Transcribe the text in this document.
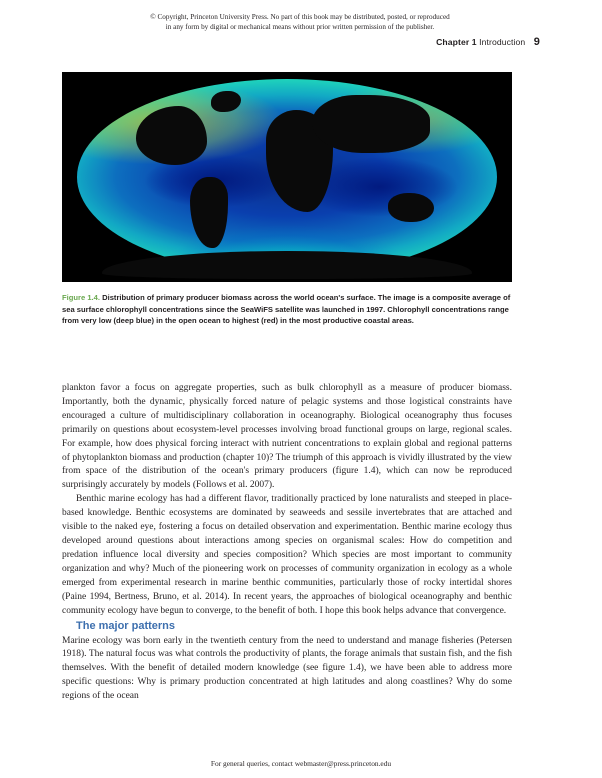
© Copyright, Princeton University Press. No part of this book may be distributed, posted, or reproduced in any form by digital or mechanical means without prior written permission of the publisher.
Chapter 1 Introduction 9
Figure 1.4. Distribution of primary producer biomass across the world ocean's surface. The image is a composite average of sea surface chlorophyll concentrations since the SeaWiFS satellite was launched in 1997. Chlorophyll concentrations range from very low (deep blue) in the open ocean to highest (red) in the most productive coastal areas.

plankton favor a focus on aggregate properties, such as bulk chlorophyll as a measure of producer biomass. Importantly, both the dynamic, physically forced nature of pelagic systems and those logistical constraints have encouraged a culture of multidisciplinary collaboration in oceanography. Biological oceanography thus focuses primarily on questions about ecosystem-level processes involving broad functional groups on large, regional scales. For example, how does physical forcing interact with nutrient concentrations to explain global and regional patterns of phytoplankton biomass and production (chapter 10)? The triumph of this approach is vividly illustrated by the view from space of the distribution of the ocean's primary producers (figure 1.4), which can now be reproduced surprisingly accurately by models (Follows et al. 2007).

Benthic marine ecology has had a different flavor, traditionally practiced by lone naturalists and steeped in place-based knowledge. Benthic ecosystems are dominated by seaweeds and sessile invertebrates that are attached and visible to the naked eye, fostering a focus on detailed observation and experimentation. Benthic marine ecology thus developed around questions about interactions among species on organismal scales: How do competition and predation influence local diversity and species composition? Which species are most important to community organization and why? Much of the pioneering work on processes of community organization in ecology as a whole emerged from experimental research in marine benthic communities, particularly those of rocky intertidal shores (Paine 1994, Bertness, Bruno, et al. 2014). In recent years, the approaches of biological oceanography and benthic community ecology have begun to converge, to the benefit of both. I hope this book helps advance that convergence.

The major patterns

Marine ecology was born early in the twentieth century from the need to understand and manage fisheries (Petersen 1918). The natural focus was what controls the productivity of plants, the forage animals that sustain fish, and the fish themselves. With the benefit of detailed modern knowledge (see figure 1.4), we have been able to address more specific questions: Why is primary production concentrated at high latitudes and along coastlines? Why do some regions of the ocean

For general queries, contact webmaster@press.princeton.edu
